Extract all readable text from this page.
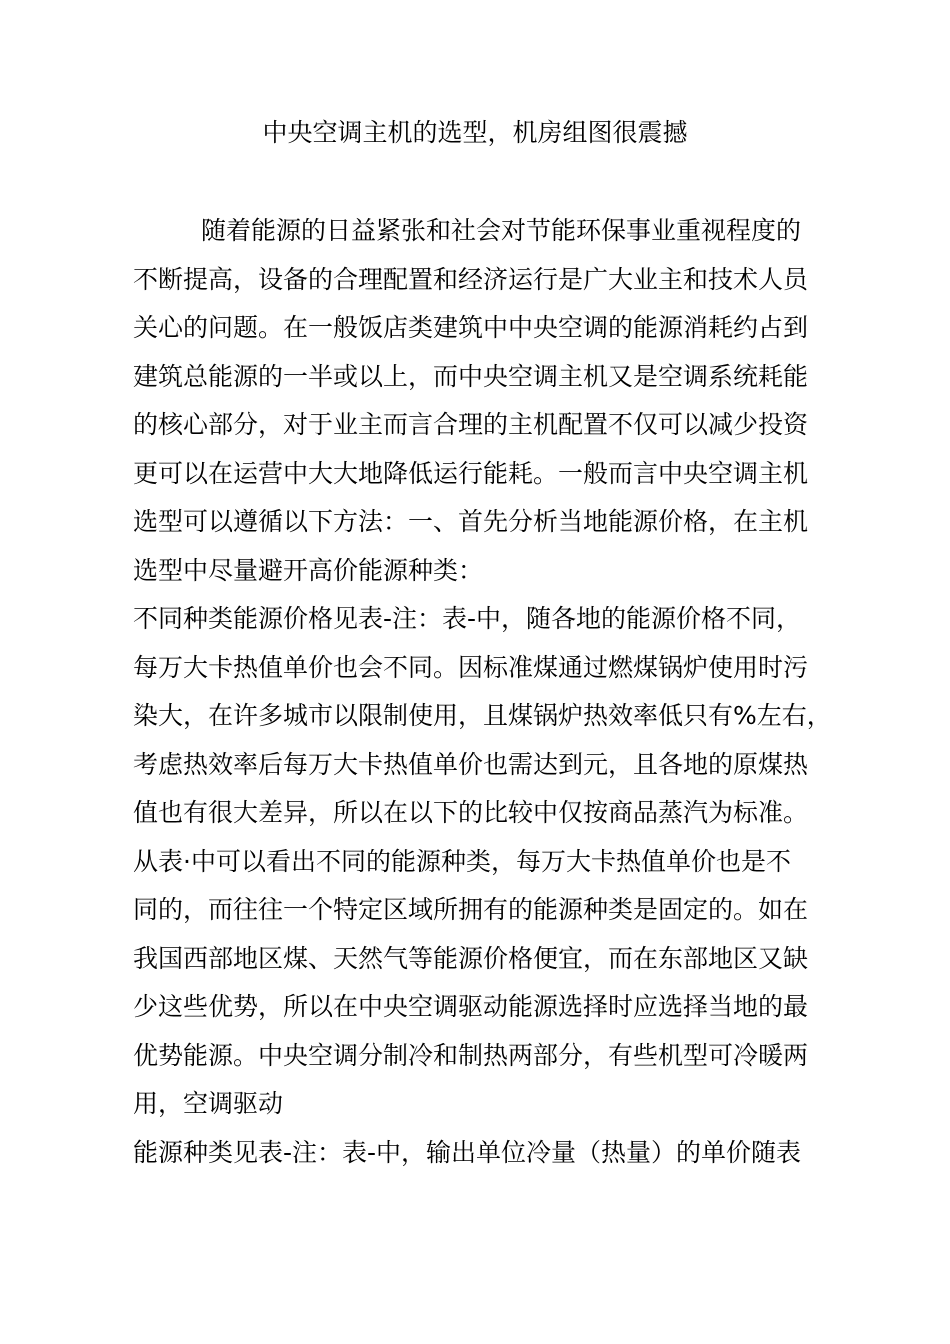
中央空调主机的选型，机房组图很震撼
随着能源的日益紧张和社会对节能环保事业重视程度的
不断提高，设备的合理配置和经济运行是广大业主和技术人员
关心的问题。在一般饭店类建筑中中央空调的能源消耗约占到
建筑总能源的一半或以上，而中央空调主机又是空调系统耗能
的核心部分，对于业主而言合理的主机配置不仅可以减少投资
更可以在运营中大大地降低运行能耗。一般而言中央空调主机
选型可以遵循以下方法：一、首先分析当地能源价格，在主机
选型中尽量避开高价能源种类：
不同种类能源价格见表-注：表-中，随各地的能源价格不同，
每万大卡热值单价也会不同。因标准煤通过燃煤锅炉使用时污
染大，在许多城市以限制使用，且煤锅炉热效率低只有%左右，
考虑热效率后每万大卡热值单价也需达到元，且各地的原煤热
值也有很大差异，所以在以下的比较中仅按商品蒸汽为标准。
从表·中可以看出不同的能源种类，每万大卡热值单价也是不
同的，而往往一个特定区域所拥有的能源种类是固定的。如在
我国西部地区煤、天然气等能源价格便宜，而在东部地区又缺
少这些优势，所以在中央空调驱动能源选择时应选择当地的最
优势能源。中央空调分制冷和制热两部分，有些机型可冷暖两
用，空调驱动
能源种类见表-注：表-中，输出单位冷量（热量）的单价随表
